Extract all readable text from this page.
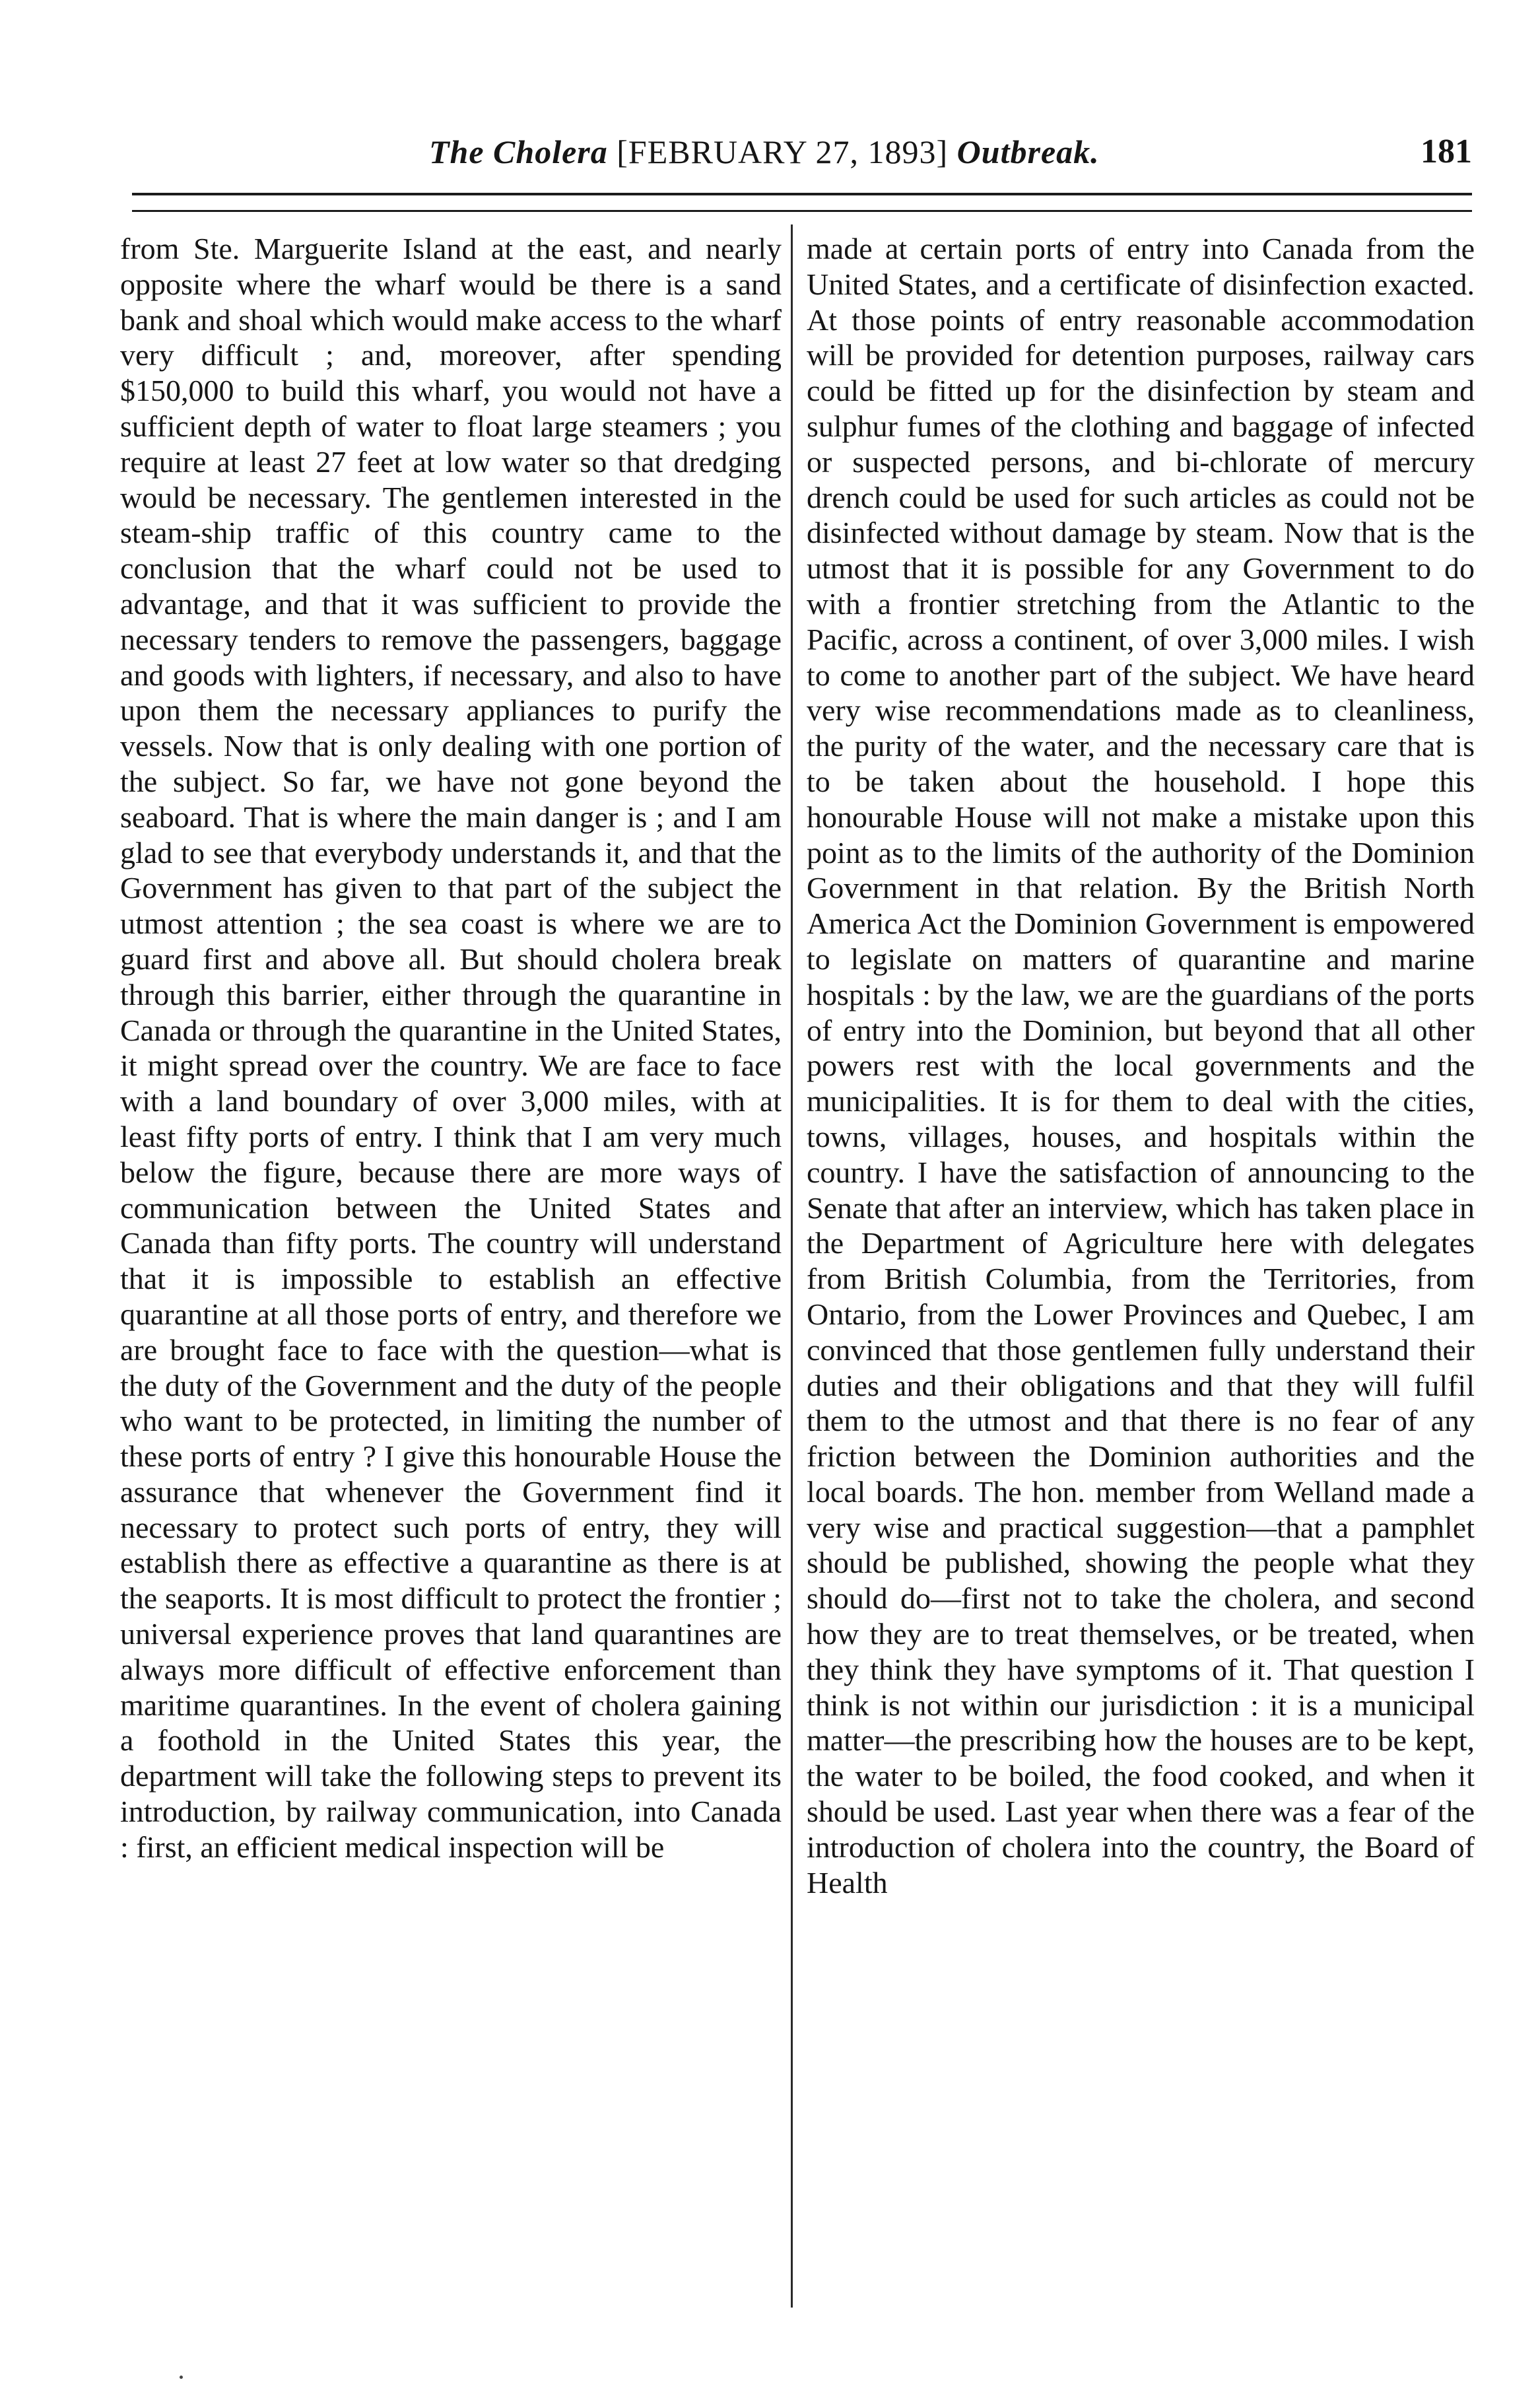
The Cholera [FEBRUARY 27, 1893] Outbreak.	181

from Ste. Marguerite Island at the east, and nearly opposite where the wharf would be there is a sand bank and shoal which would make access to the wharf very difficult ; and, moreover, after spending $150,000 to build this wharf, you would not have a sufficient depth of water to float large steamers ; you require at least 27 feet at low water so that dredging would be necessary. The gentlemen interested in the steam-ship traffic of this country came to the conclusion that the wharf could not be used to advantage, and that it was sufficient to provide the necessary tenders to remove the passengers, baggage and goods with lighters, if necessary, and also to have upon them the necessary appliances to purify the vessels. Now that is only dealing with one portion of the subject. So far, we have not gone beyond the seaboard. That is where the main danger is ; and I am glad to see that everybody understands it, and that the Government has given to that part of the subject the utmost attention ; the sea coast is where we are to guard first and above all. But should cholera break through this barrier, either through the quarantine in Canada or through the quarantine in the United States, it might spread over the country. We are face to face with a land boundary of over 3,000 miles, with at least fifty ports of entry. I think that I am very much below the figure, because there are more ways of communication between the United States and Canada than fifty ports. The country will understand that it is impossible to establish an effective quarantine at all those ports of entry, and therefore we are brought face to face with the question—what is the duty of the Government and the duty of the people who want to be protected, in limiting the number of these ports of entry ? I give this honourable House the assurance that whenever the Government find it necessary to protect such ports of entry, they will establish there as effective a quarantine as there is at the seaports. It is most difficult to protect the frontier ; universal experience proves that land quarantines are always more difficult of effective enforcement than maritime quarantines. In the event of cholera gaining a foothold in the United States this year, the department will take the following steps to prevent its introduction, by railway communication, into Canada : first, an efficient medical inspection will be

made at certain ports of entry into Canada from the United States, and a certificate of disinfection exacted. At those points of entry reasonable accommodation will be provided for detention purposes, railway cars could be fitted up for the disinfection by steam and sulphur fumes of the clothing and baggage of infected or suspected persons, and bi-chlorate of mercury drench could be used for such articles as could not be disinfected without damage by steam. Now that is the utmost that it is possible for any Government to do with a frontier stretching from the Atlantic to the Pacific, across a continent, of over 3,000 miles. I wish to come to another part of the subject. We have heard very wise recommendations made as to cleanliness, the purity of the water, and the necessary care that is to be taken about the household. I hope this honourable House will not make a mistake upon this point as to the limits of the authority of the Dominion Government in that relation. By the British North America Act the Dominion Government is empowered to legislate on matters of quarantine and marine hospitals : by the law, we are the guardians of the ports of entry into the Dominion, but beyond that all other powers rest with the local governments and the municipalities. It is for them to deal with the cities, towns, villages, houses, and hospitals within the country. I have the satisfaction of announcing to the Senate that after an interview, which has taken place in the Department of Agriculture here with delegates from British Columbia, from the Territories, from Ontario, from the Lower Provinces and Quebec, I am convinced that those gentlemen fully understand their duties and their obligations and that they will fulfil them to the utmost and that there is no fear of any friction between the Dominion authorities and the local boards. The hon. member from Welland made a very wise and practical suggestion—that a pamphlet should be published, showing the people what they should do—first not to take the cholera, and second how they are to treat themselves, or be treated, when they think they have symptoms of it. That question I think is not within our jurisdiction : it is a municipal matter—the prescribing how the houses are to be kept, the water to be boiled, the food cooked, and when it should be used. Last year when there was a fear of the introduction of cholera into the country, the Board of Health
